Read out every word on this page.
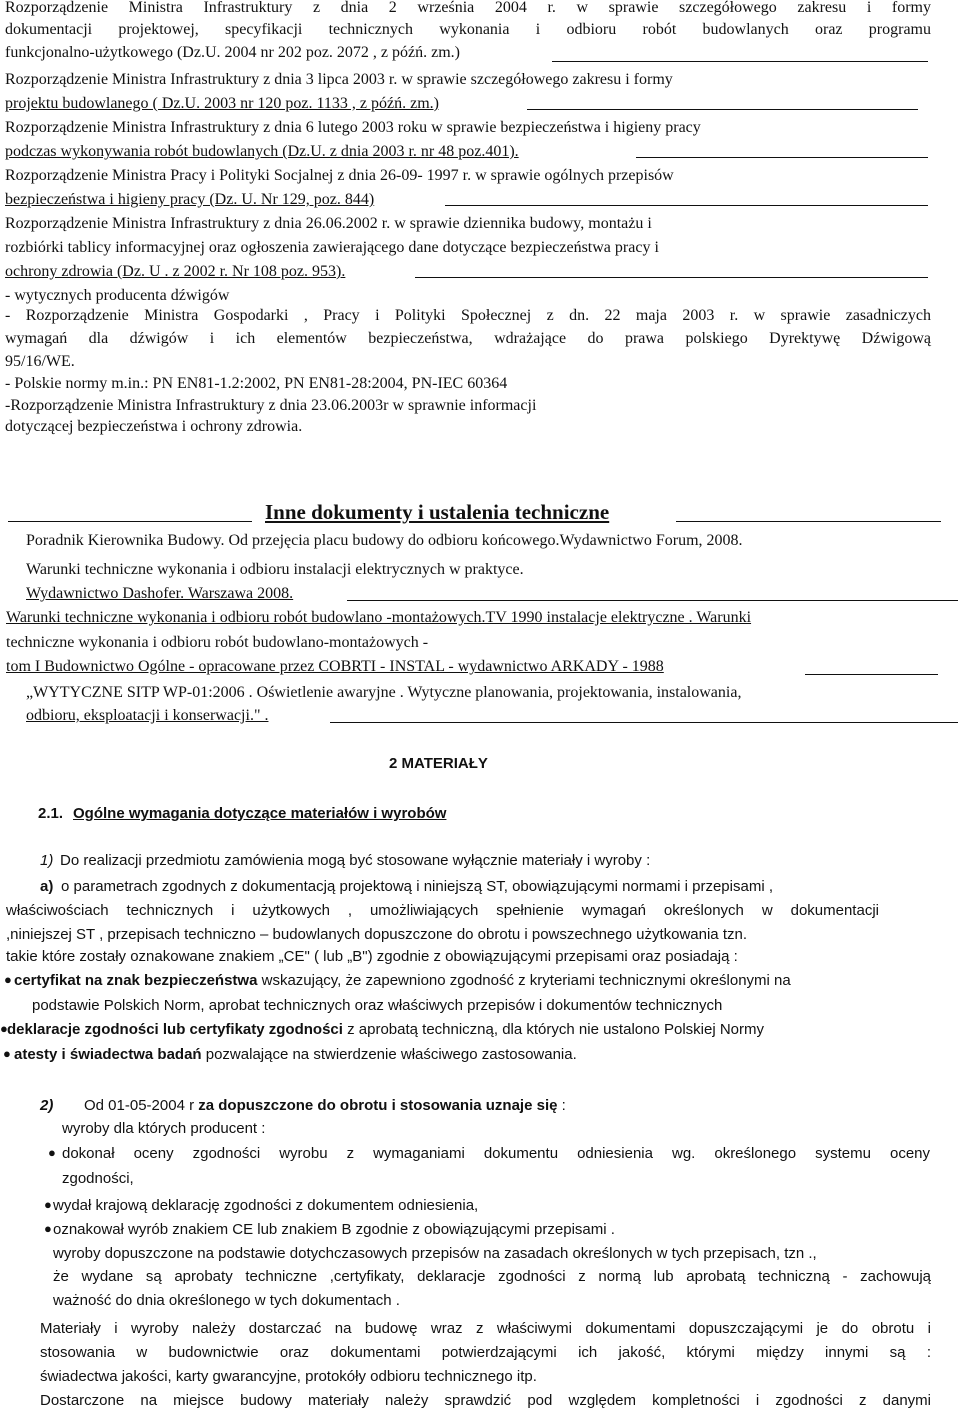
Rozporządzenie Ministra Infrastruktury z dnia 2 września 2004 r. w sprawie szczegółowego zakresu i formy
dokumentacji projektowej, specyfikacji technicznych wykonania i odbioru robót budowlanych oraz programu
funkcjonalno-użytkowego (Dz.U. 2004 nr 202 poz. 2072 , z późń. zm.)
Rozporządzenie Ministra Infrastruktury z dnia 3 lipca 2003 r. w sprawie szczegółowego zakresu i formy
projektu budowlanego ( Dz.U. 2003 nr 120 poz. 1133 , z późń. zm.)
Rozporządzenie Ministra Infrastruktury z dnia 6 lutego 2003 roku w sprawie bezpieczeństwa i higieny pracy
podczas wykonywania robót budowlanych (Dz.U. z dnia 2003 r. nr 48 poz.401).
Rozporządzenie Ministra Pracy i Polityki Socjalnej z dnia 26-09- 1997 r. w sprawie ogólnych przepisów
bezpieczeństwa i higieny pracy (Dz. U. Nr 129, poz. 844)
Rozporządzenie Ministra Infrastruktury z dnia 26.06.2002 r. w sprawie dziennika budowy, montażu i
rozbiórki tablicy informacyjnej oraz ogłoszenia zawierającego dane dotyczące bezpieczeństwa pracy i
ochrony zdrowia (Dz. U . z 2002 r. Nr 108 poz. 953).
- wytycznych producenta dźwigów
- Rozporządzenie Ministra Gospodarki , Pracy i Polityki Społecznej z dn. 22 maja 2003 r. w sprawie zasadniczych
wymagań dla dźwigów i ich elementów bezpieczeństwa, wdrażające do prawa polskiego Dyrektywę Dźwigową
95/16/WE.
- Polskie normy m.in.: PN EN81-1.2:2002, PN EN81-28:2004, PN-IEC 60364
-Rozporządzenie Ministra Infrastruktury z dnia 23.06.2003r w sprawnie informacji
dotyczącej bezpieczeństwa i ochrony zdrowia.
Inne dokumenty i ustalenia techniczne
Poradnik Kierownika Budowy. Od przejęcia placu budowy do odbioru końcowego.Wydawnictwo Forum, 2008.
Warunki techniczne wykonania i odbioru instalacji elektrycznych w praktyce.
Wydawnictwo Dashofer. Warszawa 2008.
Warunki techniczne wykonania i odbioru robót budowlano -montażowych.TV 1990 instalacje elektryczne . Warunki
techniczne wykonania i odbioru robót budowlano-montażowych -
tom I Budownictwo Ogólne - opracowane przez COBRTI - INSTAL - wydawnictwo ARKADY - 1988
„WYTYCZNE SITP WP-01:2006 . Oświetlenie awaryjne . Wytyczne planowania, projektowania, instalowania,
odbioru, eksploatacji i konserwacji." .
2 MATERIAŁY
2.1. Ogólne wymagania dotyczące materiałów i wyrobów
1) Do realizacji przedmiotu zamówienia mogą być stosowane wyłącznie materiały i wyroby :
a) o parametrach zgodnych z dokumentacją projektową i niniejszą ST, obowiązującymi normami i przepisami ,
właściwościach technicznych i użytkowych , umożliwiających spełnienie wymagań określonych w dokumentacji
,niniejszej ST , przepisach techniczno – budowlanych dopuszczone do obrotu i powszechnego użytkowania tzn.
takie które zostały oznakowane znakiem „CE" ( lub „B") zgodnie z obowiązującymi przepisami oraz posiadają :
● certyfikat na znak bezpieczeństwa wskazujący, że zapewniono zgodność z kryteriami technicznymi określonymi na
podstawie Polskich Norm, aprobat technicznych oraz właściwych przepisów i dokumentów technicznych
● deklaracje zgodności lub certyfikaty zgodności z aprobatą techniczną, dla których nie ustalono Polskiej Normy
● atesty i świadectwa badań pozwalające na stwierdzenie właściwego zastosowania.
2) Od 01-05-2004 r za dopuszczone do obrotu i stosowania uznaje się :
wyroby dla których producent :
● dokonał oceny zgodności wyrobu z wymaganiami dokumentu odniesienia wg. określonego systemu oceny
zgodności,
● wydał krajową deklarację zgodności z dokumentem odniesienia,
● oznakował wyrób znakiem CE lub znakiem B zgodnie z obowiązującymi przepisami .
wyroby dopuszczone na podstawie dotychczasowych przepisów na zasadach określonych w tych przepisach, tzn .,
że wydane są aprobaty techniczne ,certyfikaty, deklaracje zgodności z normą lub aprobatą techniczną - zachowują
ważność do dnia określonego w tych dokumentach .
Materiały i wyroby należy dostarczać na budowę wraz z właściwymi dokumentami dopuszczającymi je do obrotu i
stosowania w budownictwie oraz dokumentami potwierdzającymi ich jakość, którymi między innymi są :
świadectwa jakości, karty gwarancyjne, protokóły odbioru technicznego itp.
Dostarczone na miejsce budowy materiały należy sprawdzić pod względem kompletności i zgodności z danymi
